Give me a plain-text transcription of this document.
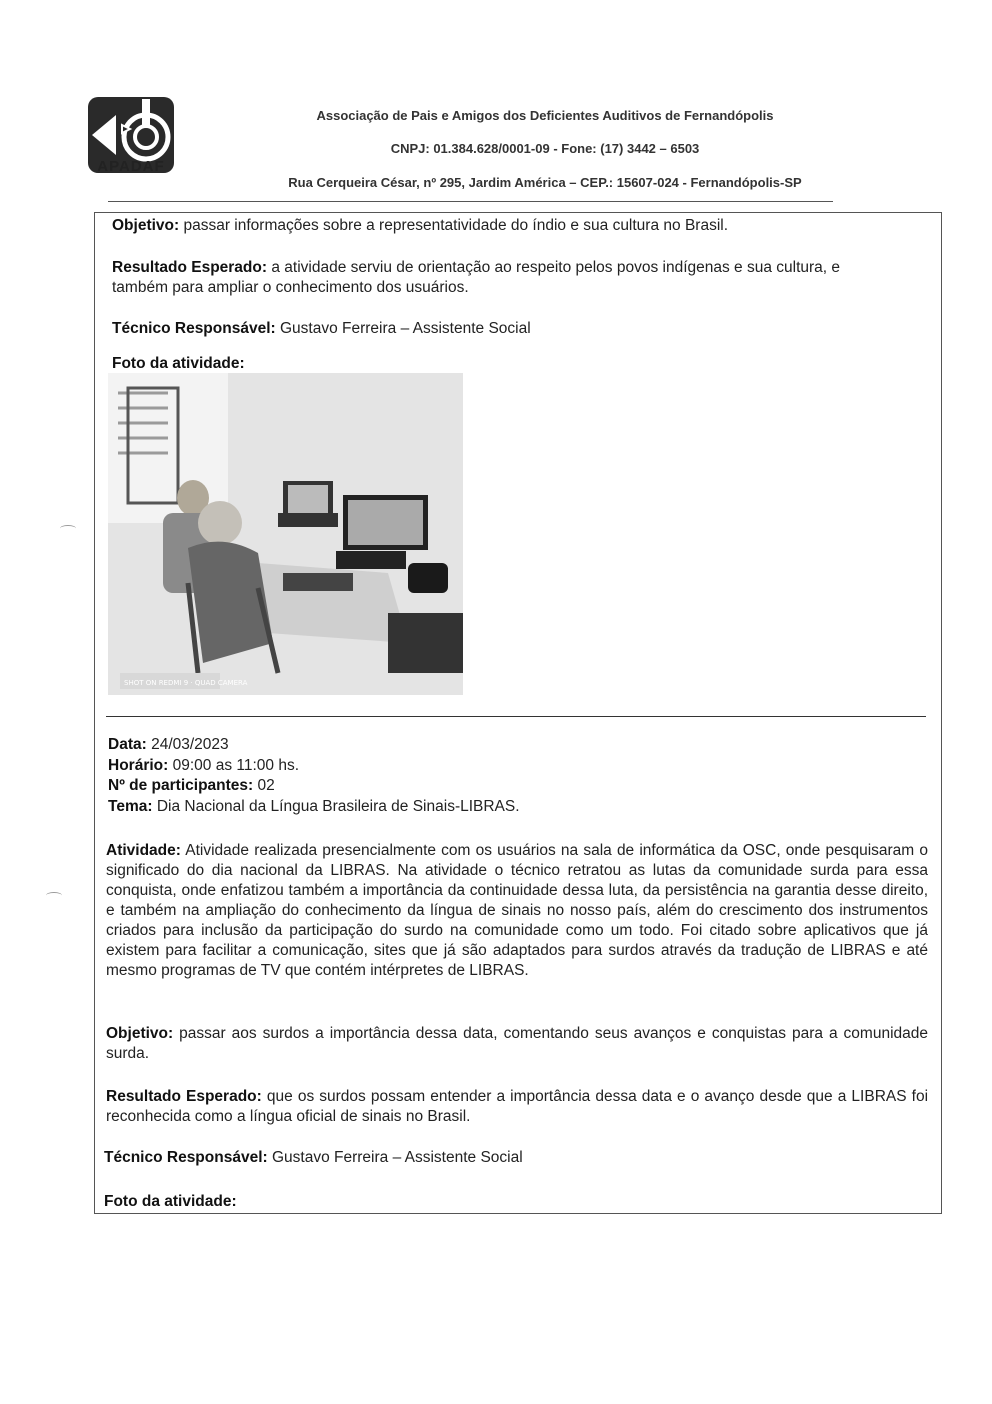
APADAF
Associação de Pais e Amigos dos Deficientes Auditivos de Fernandópolis
CNPJ: 01.384.628/0001-09 - Fone: (17) 3442 – 6503
Rua Cerqueira César, nº 295, Jardim América – CEP.: 15607-024 - Fernandópolis-SP

Objetivo: passar informações sobre a representatividade do índio e sua cultura no Brasil.

Resultado Esperado: a atividade serviu de orientação ao respeito pelos povos indígenas e sua cultura, e também para ampliar o conhecimento dos usuários.

Técnico Responsável: Gustavo Ferreira – Assistente Social

Foto da atividade:

SHOT ON REDMI 9 · QUAD CAMERA

Data: 24/03/2023

Horário: 09:00 as 11:00 hs.

Nº de participantes: 02

Tema: Dia Nacional da Língua Brasileira de Sinais-LIBRAS.

Atividade: Atividade realizada presencialmente com os usuários na sala de informática da OSC, onde pesquisaram o significado do dia nacional da LIBRAS. Na atividade o técnico retratou as lutas da comunidade surda para essa conquista, onde enfatizou também a importância da continuidade dessa luta, da persistência na garantia desse direito, e também na ampliação do conhecimento da língua de sinais no nosso país, além do crescimento dos instrumentos criados para inclusão da participação do surdo na comunidade como um todo. Foi citado sobre aplicativos que já existem para facilitar a comunicação, sites que já são adaptados para surdos através da tradução de LIBRAS e até mesmo programas de TV que contém intérpretes de LIBRAS.

Objetivo: passar aos surdos a importância dessa data, comentando seus avanços e conquistas para a comunidade surda.

Resultado Esperado: que os surdos possam entender a importância dessa data e o avanço desde que a LIBRAS foi reconhecida como a língua oficial de sinais no Brasil.

Técnico Responsável: Gustavo Ferreira – Assistente Social

Foto da atividade:
